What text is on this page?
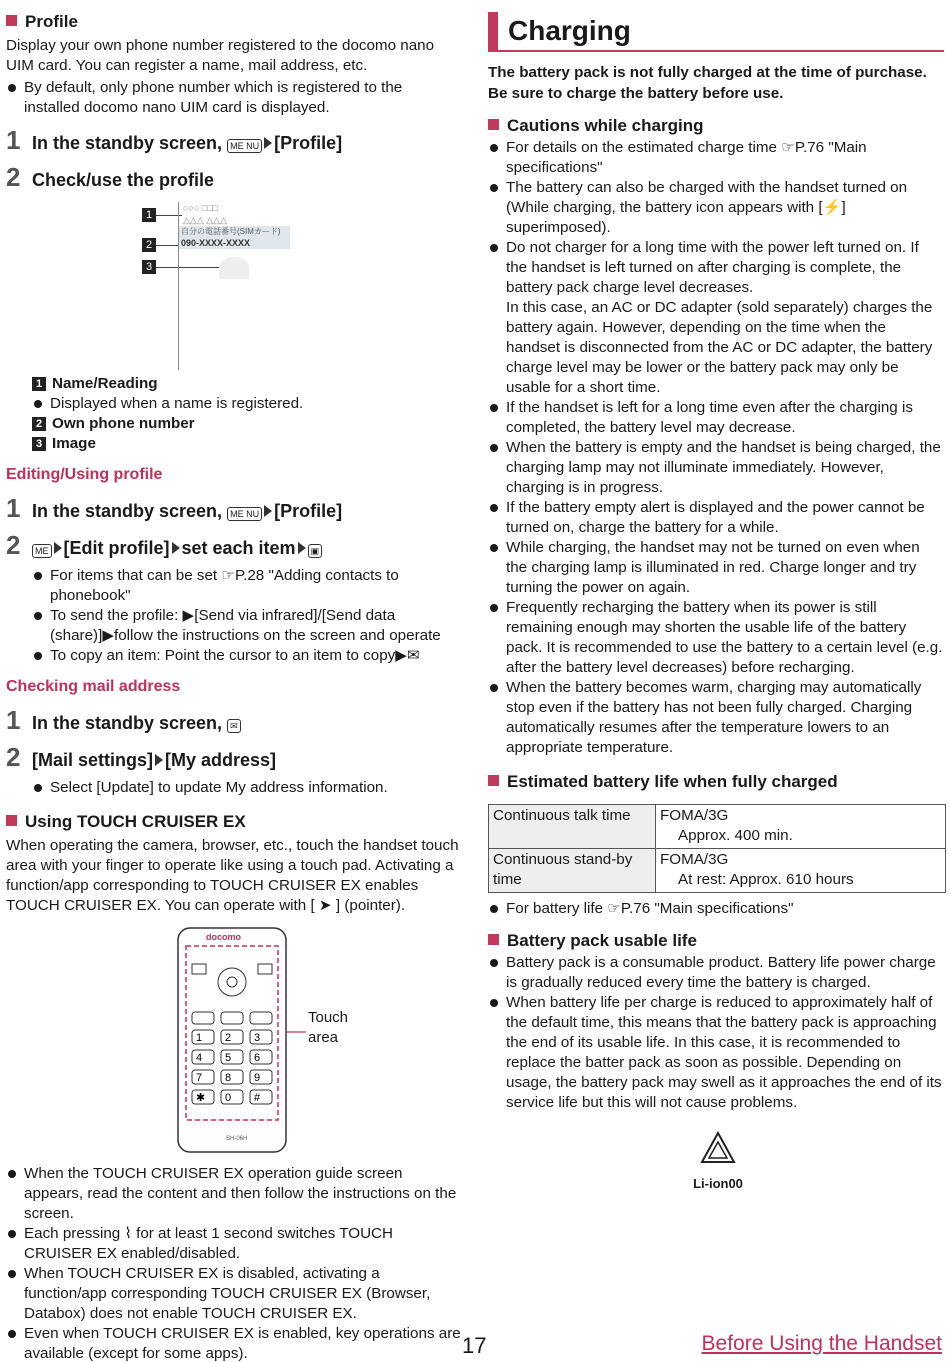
Profile

Display your own phone number registered to the docomo nano UIM card. You can register a name, mail address, etc.

By default, only phone number which is registered to the installed docomo nano UIM card is displayed.

1 In the standby screen,
ME NU [Profile]
2 Check/use the profile
1
2
3
○○○ □□□
△△△ △△△
自分の電話番号(SIMカード)
090-XXXX-XXXX
1 Name/Reading

Displayed when a name is registered.

2 Own phone number
3 Image
Editing/Using profile
1 In the standby screen,
ME NU [Profile]
2	ME [Edit profile] set each item	▣

For items that can be set ☞P.28 "Adding contacts to phonebook"

To send the profile: ▶[Send via infrared]/[Send data (share)]▶follow the instructions on the screen and operate

To copy an item: Point the cursor to an item to copy▶✉

Checking mail address
1 In the standby screen,
✉
2 [Mail settings] [My address]

Select [Update] to update My address information.

Using TOUCH CRUISER EX

When operating the camera, browser, etc., touch the handset touch area with your finger to operate like using a touch pad. Activating a function/app corresponding to TOUCH CRUISER EX enables TOUCH CRUISER EX. You can operate with [ ➤ ] (pointer).

docomo
SH-06H
1 2 3
4 5 6
7 8 9
✱ 0 #
Touch
area

When the TOUCH CRUISER EX operation guide screen appears, read the content and then follow the instructions on the screen.

Each pressing ⌇ for at least 1 second switches TOUCH CRUISER EX enabled/disabled.

When TOUCH CRUISER EX is disabled, activating a function/app corresponding TOUCH CRUISER EX (Browser, Databox) does not enable TOUCH CRUISER EX.

Even when TOUCH CRUISER EX is enabled, key operations are available (except for some apps).

Charging

The battery pack is not fully charged at the time of purchase. Be sure to charge the battery before use.

Cautions while charging

For details on the estimated charge time ☞P.76 "Main specifications"

The battery can also be charged with the handset turned on (While charging, the battery icon appears with [⚡] superimposed).

Do not charger for a long time with the power left turned on. If the handset is left turned on after charging is complete, the battery pack charge level decreases.

In this case, an AC or DC adapter (sold separately) charges the battery again. However, depending on the time when the handset is disconnected from the AC or DC adapter, the battery charge level may be lower or the battery pack may only be usable for a short time.

If the handset is left for a long time even after the charging is completed, the battery level may decrease.

When the battery is empty and the handset is being charged, the charging lamp may not illuminate immediately. However, charging is in progress.

If the battery empty alert is displayed and the power cannot be turned on, charge the battery for a while.

While charging, the handset may not be turned on even when the charging lamp is illuminated in red. Charge longer and try turning the power on again.

Frequently recharging the battery when its power is still remaining enough may shorten the usable life of the battery pack. It is recommended to use the battery to a certain level (e.g. after the battery level decreases) before recharging.

When the battery becomes warm, charging may automatically stop even if the battery has not been fully charged. Charging automatically resumes after the temperature lowers to an appropriate temperature.

Estimated battery life when fully charged
Continuous talk time	FOMA/3G
Approx. 400 min.

Continuous stand-by time	FOMA/3G
At rest: Approx. 610 hours

For battery life ☞P.76 "Main specifications"

Battery pack usable life

Battery pack is a consumable product. Battery life power charge is gradually reduced every time the battery is charged.

When battery life per charge is reduced to approximately half of the default time, this means that the battery pack is approaching the end of its usable life. In this case, it is recommended to replace the batter pack as soon as possible. Depending on usage, the battery pack may swell as it approaches the end of its service life but this will not cause problems.

Li-ion00
17	Before Using the Handset
